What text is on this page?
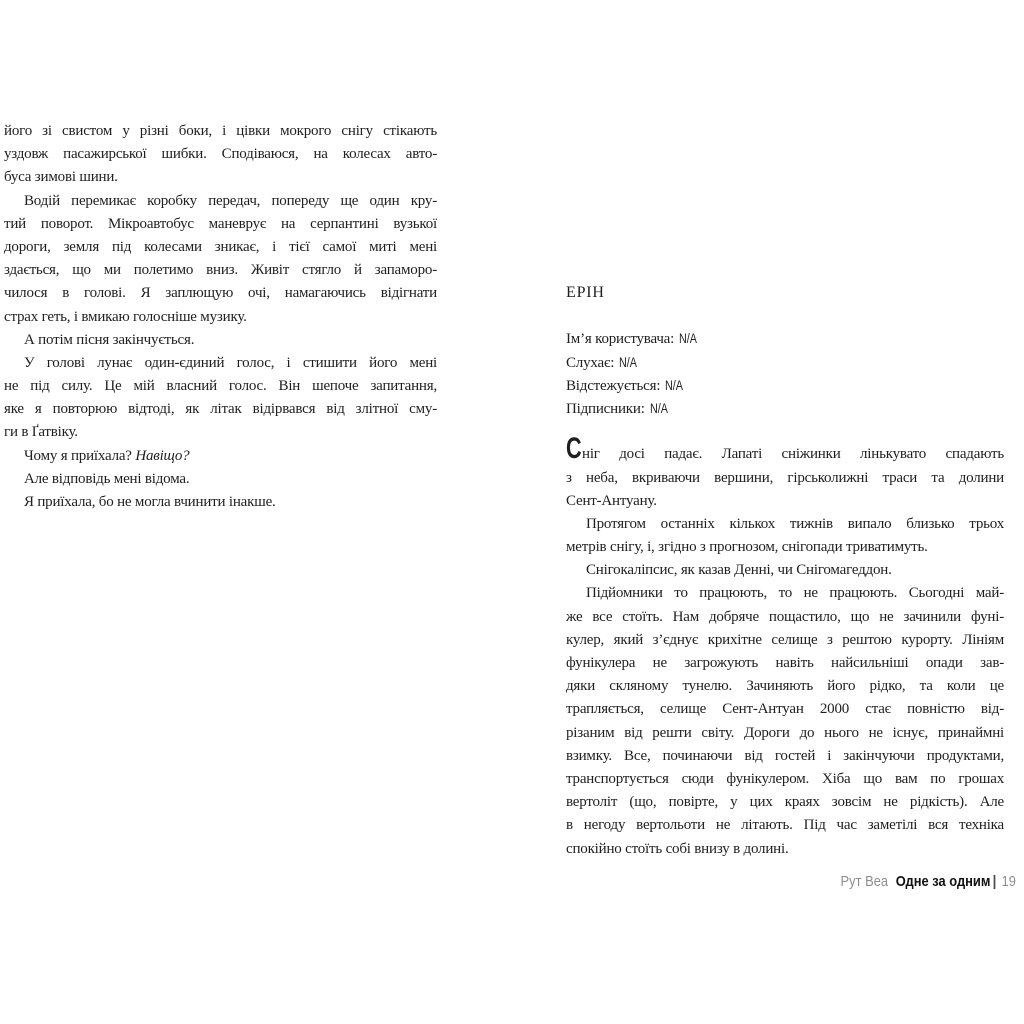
його зі свистом у різні боки, і цівки мокрого снігу стікають
уздовж пасажирської шибки. Сподіваюся, на колесах авто-
буса зимові шини.
Водій перемикає коробку передач, попереду ще один кру-
тий поворот. Мікроавтобус маневрує на серпантині вузької
дороги, земля під колесами зникає, і тієї самої миті мені
здається, що ми полетимо вниз. Живіт стягло й запаморо-
чилося в голові. Я заплющую очі, намагаючись відігнати
страх геть, і вмикаю голосніше музику.
А потім пісня закінчується.
У голові лунає один-єдиний голос, і стишити його мені
не під силу. Це мій власний голос. Він шепоче запитання,
яке я повторюю відтоді, як літак відірвався від злітної сму-
ги в Ґатвіку.
Чому я приїхала? Навіщо?
Але відповідь мені відома.
Я приїхала, бо не могла вчинити інакше.
ЕРІН
Ім’я користувача: N/A
Слухає: N/A
Відстежується: N/A
Підписники: N/A
Сніг досі падає. Лапаті сніжинки лінькувато спадають
з неба, вкриваючи вершини, гірськолижні траси та долини
Сент-Антуану.
Протягом останніх кількох тижнів випало близько трьох
метрів снігу, і, згідно з прогнозом, снігопади триватимуть.
Снігокаліпсис, як казав Денні, чи Снігомагеддон.
Підйомники то працюють, то не працюють. Сьогодні май-
же все стоїть. Нам добряче пощастило, що не зачинили фуні-
кулер, який з’єднує крихітне селище з рештою курорту. Лініям
фунікулера не загрожують навіть найсильніші опади зав-
дяки скляному тунелю. Зачиняють його рідко, та коли це
трапляється, селище Сент-Антуан 2000 стає повністю від-
різаним від решти світу. Дороги до нього не існує, принаймні
взимку. Все, починаючи від гостей і закінчуючи продуктами,
транспортується сюди фунікулером. Хіба що вам по грошах
вертоліт (що, повірте, у цих краях зовсім не рідкість). Але
в негоду вертольоти не літають. Під час заметілі вся техніка
спокійно стоїть собі внизу в долині.
Рут Веа Одне за одним 19
